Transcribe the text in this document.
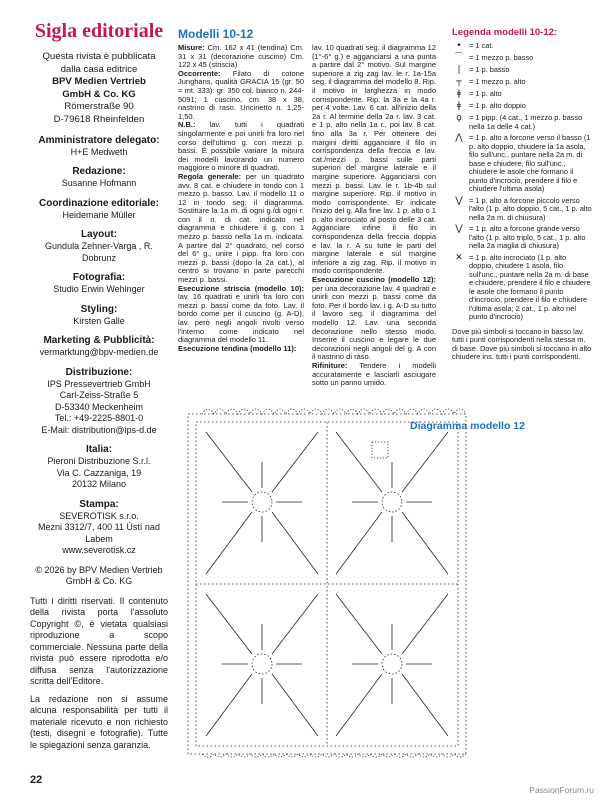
Sigla editoriale
Questa rivista è pubblicata
dalla casa editrice
BPV Medien Vertrieb
GmbH & Co. KG
Römerstraße 90
D-79618 Rheinfelden
Amministratore delegato:
H+E Medweth
Redazione:
Susanne Hofmann
Coordinazione editoriale:
Heidemarie Müller
Layout:
Gundula Zehner-Varga , R. Dobrunz
Fotografia:
Studio Erwin Wehinger
Styling:
Kirsten Galle
Marketing & Pubblicità:
vermarktung@bpv-medien.de
Distribuzione:
IPS Pressevertrieb GmbH
Carl-Zeiss-Straße 5
D-53340 Meckenheim
Tel.: +49-2225-8801-0
E-Mail: distribution@ips-d.de
Italia:
Pieroni Distribuzione S.r.l.
Via C. Cazzaniga, 19
20132 Milano
Stampa:
SEVEROTISK s.r.o.
Mezni 3312/7, 400 11 Ústí nad
Labem
www.severotisk.cz
© 2026 by BPV Medien Vertrieb
GmbH & Co. KG

Tutti i diritti riservati. Il contenuto della rivista porta l'assoluto Copyright ©, è vietata qualsiasi riproduzione a scopo commerciale. Nessuna parte della rivista può essere riprodotta e/o diffusa senza l'autorizzazione scritta dell'Editore.

La redazione non si assume alcuna responsabilità per tutti il materiale ricevuto e non richiesto (testi, disegni e fotografie). Tutte le spiegazioni senza garanzia.

Modelli 10-12
Misure: Cm. 162 x 41 (tendina) Cm. 31 x 31 (decorazione cuscino) Cm. 122 x 45 (striscia)
Occorrente: Filato di cotone Junghans, qualità GRACIA 15 (gr. 50 = mt. 333): gr. 350 col. bianco n. 244-5091; 1 cuscino, cm. 38 x 38, nastrino di raso. Uncinetto n. 1,25-1,50.
N.B.: lav. tutti i quadrati singolarmente e poi unirli fra loro nel corso dell'ultimo g. con mezzi p. bassi. È possibile variare la misura dei modelli lavorando un numero maggiore o minore di quadrati.
Regola generale: per un quadrato avv. 8 cat. e chiudere in tondo con 1 mezzo p. basso. Lav. il modello 11 o 12 in tondo seg. il diagramma. Sostituire la 1a m. di ogni g./di ogni r. con il n. di cat. indicato nel diagramma e chiudere il g. con 1 mezzo p. basso nella 1a m. indicata. A partire dal 2° quadrato, nel corso del 6° g., unire i pipp. fra loro con mezzi p. bassi (dopo la 2a cat.), al centro si trovano in parte parecchi mezzi p. bassi.
Esecuzione striscia (modello 10): lav. 16 quadrati e unirli fra loro con mezzi p. bassi come da foto. Lav. il bordo come per il cuscino (g. A-D), lav. però negli angoli rivolti verso l'interno come indicato nel diagramma del modello 11.
Esecuzione tendina (modello 11):
lav. 10 quadrati seg. il diagramma 12 (1°-6° g.) e agganciarsi a una punta a partire dal 2° motivo. Sul margine superiore a zig zag lav. le r. 1a-15a seg. il diagramma del modello 8. Rip. il motivo in larghezza in modo corrispondente. Rip. la 3a e la 4a r. per 4 volte. Lav. 6 cat. all'inizio della 2a r. Al termine della 2a r. lav. 3 cat. e 1 p. alto nella 1a r., poi lav. 8 cat. fino alla 3a r. Per ottenere dei margini diritti agganciare il filo in corrispondenza della freccia e lav. cat./mezzi p. bassi sulle parti superiori del margine laterale e il margine superiore. Agganciarsi con mezzi p. bassi. Lav. le r. 1b-4b sul margine superiore. Rip. il motivo in modo corrispondente. Er indicate l'inizio del g. Alla fine lav. 1 p. alto o 1 p. alto incrociato al posto delle 3 cat. Agganciare infine il filo in corrispondenza della freccia doppia e lav. la r. A su tutte le parti del margine laterale e sul margine inferiore a zig zag. Rip. il motivo in modo corrispondente.
Esecuzione cuscino (modello 12): per una decorazione lav. 4 quadrati e unirli con mezzi p. bassi come da foto. Per il bordo lav. i g. A-D su tutto il lavoro seg. il diagramma del modello 12. Lav. una seconda decorazione nello stesso modo. Inserire il cuscino e legare le due decorazioni negli angoli del g. A con il nastrino di raso.
Rifiniture: Tendere i modelli accuratamente e lasciarli asciugare sotto un panno umido.
Legenda modelli 10-12:
• = 1 cat.
⌒ = 1 mezzo p. basso
|	= 1 p. basso
┬ = 1 mezzo p. alto
ǂ	= 1 p. alto
ǂ	= 1 p. alto doppio
ϙ = 1 pipp. (4 cat., 1 mezzo p. basso nella 1a delle 4 cat.)
⋀ = 1 p. alto a forcone verso il basso (1 p. alto doppio, chiudere la 1a asola, filo sull'unc., puntare nella 2a m. di base e chiudere, filo sull'unc., chiudere le asole che formano il punto d'incrocio, prendere il filo e chiudere l'ultima asola)
⋁ = 1 p. alto a forcone piccolo verso l'alto (1 p. alto doppio, 5 cat., 1 p. alto nella 2a m. di chiusura)
⋁ = 1 p. alto a forcone grande verso l'alto (1 p. alto triplo, 5 cat., 1 p. alto nella 2a maglia di chiusura)
✕ = 1 p. alto incrociato (1 p. alto doppio, chiudere 1 asola, filo sull'unc., puntare nella 2a m. di base e chiudere, prendere il filo e chiudere le asole che formano il punto d'incrocio, prendere il filo e chiudere l'ultima asola; 2 cat., 1 p. alto nel punto d'incrocio)
Dove più simboli si toccano in basso lav. tutti i punti corrispondenti nella stessa m. di base. Dove più simboli si toccano in alto chiudere ins. tutti i punti corrispondenti.
Diagramma modello 12
22
PassionForum.ru
